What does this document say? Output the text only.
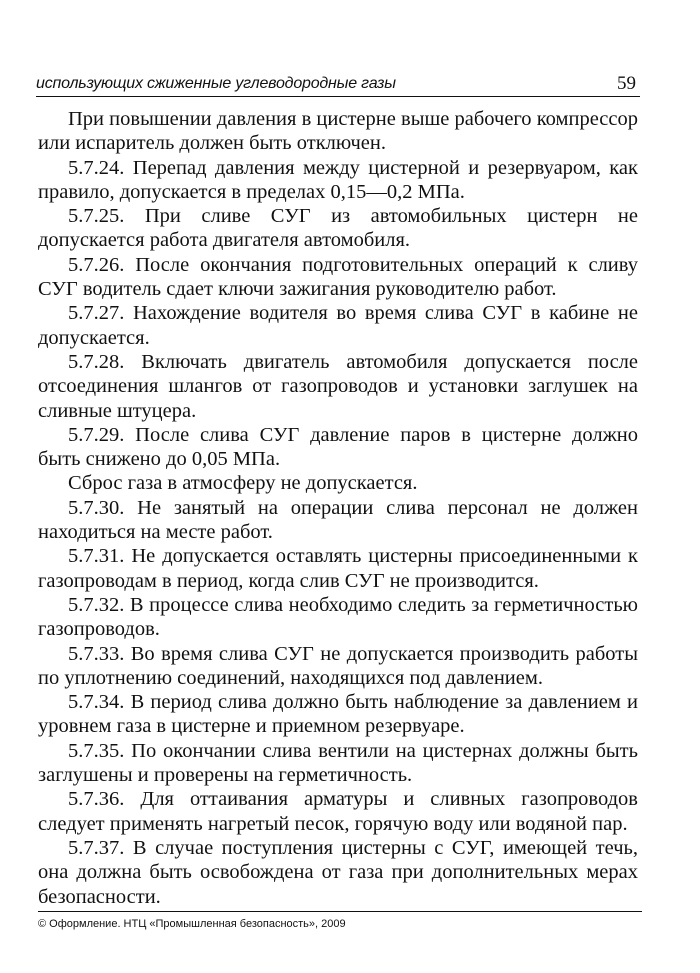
использующих сжиженные углеводородные газы	59

При повышении давления в цистерне выше рабочего компрессор или испаритель должен быть отключен.

5.7.24. Перепад давления между цистерной и резервуаром, как правило, допускается в пределах 0,15—0,2 МПа.

5.7.25. При сливе СУГ из автомобильных цистерн не допускается работа двигателя автомобиля.

5.7.26. После окончания подготовительных операций к сливу СУГ водитель сдает ключи зажигания руководителю работ.

5.7.27. Нахождение водителя во время слива СУГ в кабине не допускается.

5.7.28. Включать двигатель автомобиля допускается после отсоединения шлангов от газопроводов и установки заглушек на сливные штуцера.

5.7.29. После слива СУГ давление паров в цистерне должно быть снижено до 0,05 МПа.

Сброс газа в атмосферу не допускается.

5.7.30. Не занятый на операции слива персонал не должен находиться на месте работ.

5.7.31. Не допускается оставлять цистерны присоединенными к газопроводам в период, когда слив СУГ не производится.

5.7.32. В процессе слива необходимо следить за герметичностью газопроводов.

5.7.33. Во время слива СУГ не допускается производить работы по уплотнению соединений, находящихся под давлением.

5.7.34. В период слива должно быть наблюдение за давлением и уровнем газа в цистерне и приемном резервуаре.

5.7.35. По окончании слива вентили на цистернах должны быть заглушены и проверены на герметичность.

5.7.36. Для оттаивания арматуры и сливных газопроводов следует применять нагретый песок, горячую воду или водяной пар.

5.7.37. В случае поступления цистерны с СУГ, имеющей течь, она должна быть освобождена от газа при дополнительных мерах безопасности.

© Оформление. НТЦ «Промышленная безопасность», 2009
